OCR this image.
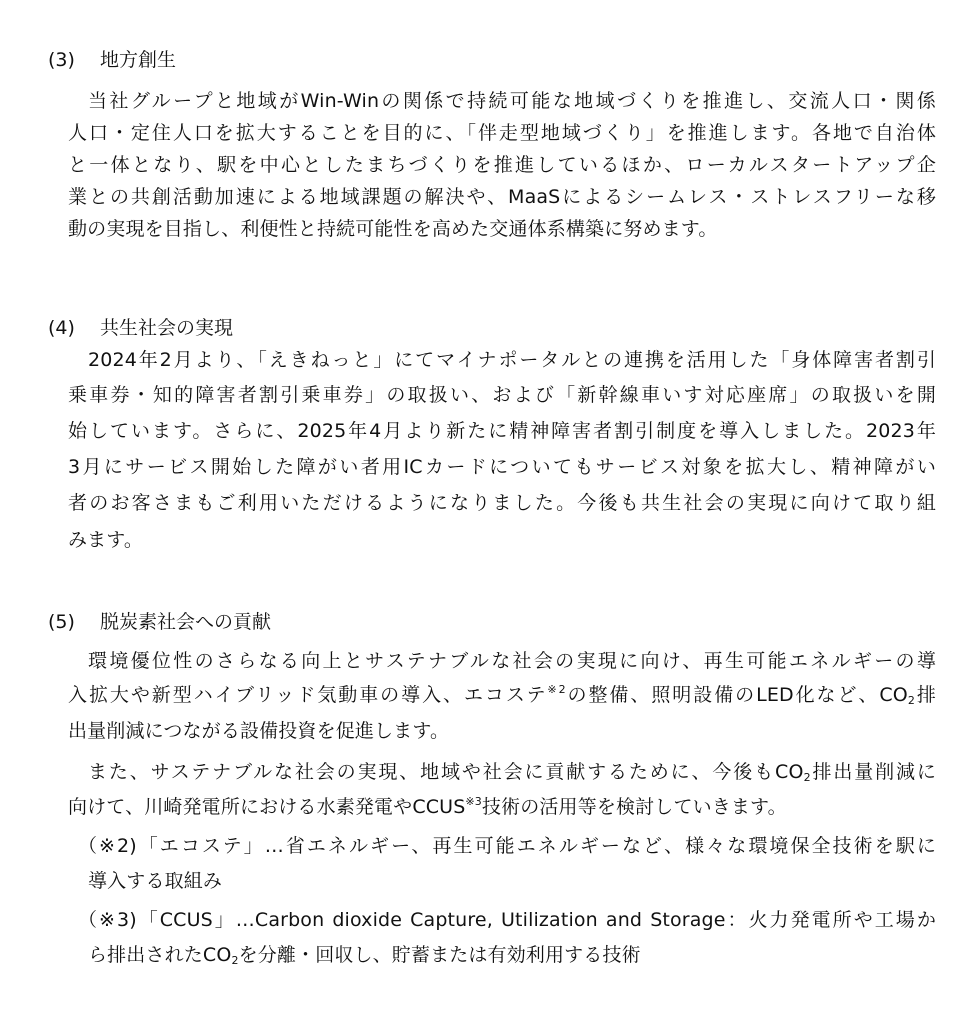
(3) 地方創生
当社グループと地域がWin-Winの関係で持続可能な地域づくりを推進し、交流人口・関係
人口・定住人口を拡大することを目的に、「伴走型地域づくり」を推進します。各地で自治体
と一体となり、駅を中心としたまちづくりを推進しているほか、ローカルスタートアップ企
業との共創活動加速による地域課題の解決や、MaaSによるシームレス・ストレスフリーな移
動の実現を目指し、利便性と持続可能性を高めた交通体系構築に努めます。
(4) 共生社会の実現
2024年2月より、「えきねっと」にてマイナポータルとの連携を活用した「身体障害者割引
乗車券・知的障害者割引乗車券」の取扱い、および「新幹線車いす対応座席」の取扱いを開
始しています。さらに、2025年4月より新たに精神障害者割引制度を導入しました。2023年
3月にサービス開始した障がい者用ICカードについてもサービス対象を拡大し、精神障がい
者のお客さまもご利用いただけるようになりました。今後も共生社会の実現に向けて取り組
みます。
(5) 脱炭素社会への貢献
環境優位性のさらなる向上とサステナブルな社会の実現に向け、再生可能エネルギーの導
入拡大や新型ハイブリッド気動車の導入、エコステ$^{※2}$の整備、照明設備のLED化など、$CO_2$排
出量削減につながる設備投資を促進します。
また、サステナブルな社会の実現、地域や社会に貢献するために、今後も$CO_2$排出量削減に
向けて、川崎発電所における水素発電やCCUS$^{※3}$技術の活用等を検討していきます。
（※2)「エコステ」…省エネルギー、再生可能エネルギーなど、様々な環境保全技術を駅に
導入する取組み
（※3)「CCUS」…Carbon dioxide Capture, Utilization and Storage：火力発電所や工場か
ら排出された$CO_2$を分離・回収し、貯蓄または有効利用する技術
